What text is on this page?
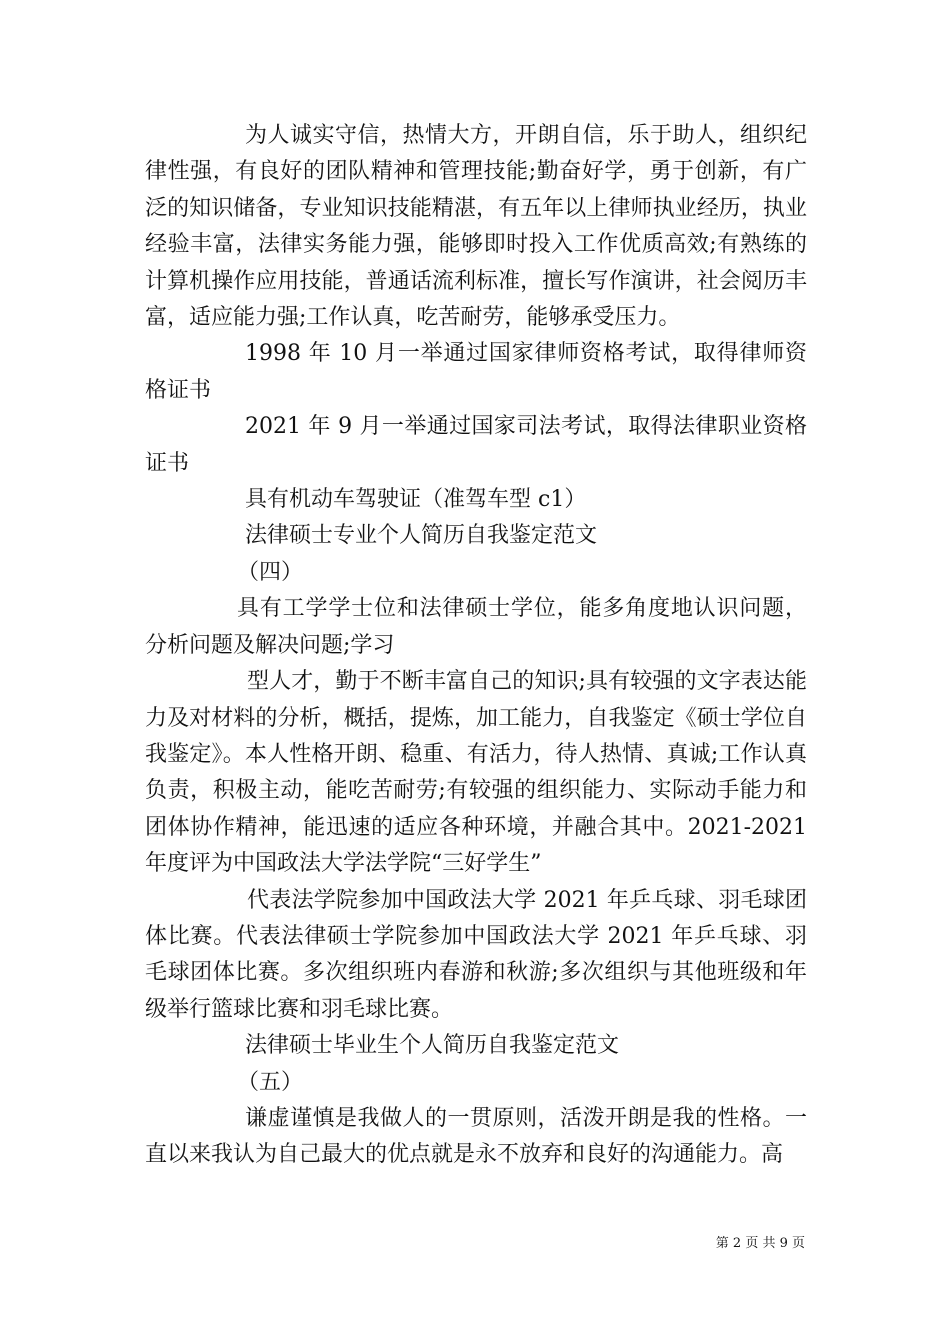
为人诚实守信，热情大方，开朗自信，乐于助人，组织纪律性强，有良好的团队精神和管理技能;勤奋好学，勇于创新，有广泛的知识储备，专业知识技能精湛，有五年以上律师执业经历，执业经验丰富，法律实务能力强，能够即时投入工作优质高效;有熟练的计算机操作应用技能，普通话流利标准，擅长写作演讲，社会阅历丰富，适应能力强;工作认真，吃苦耐劳，能够承受压力。

1998 年 10 月一举通过国家律师资格考试，取得律师资格证书

2021 年 9 月一举通过国家司法考试，取得法律职业资格证书

具有机动车驾驶证（准驾车型 c1）

法律硕士专业个人简历自我鉴定范文

（四）

具有工学学士位和法律硕士学位，能多角度地认识问题，分析问题及解决问题;学习

型人才，勤于不断丰富自己的知识;具有较强的文字表达能力及对材料的分析，概括，提炼，加工能力，自我鉴定《硕士学位自我鉴定》。本人性格开朗、稳重、有活力，待人热情、真诚;工作认真负责，积极主动，能吃苦耐劳;有较强的组织能力、实际动手能力和团体协作精神，能迅速的适应各种环境，并融合其中。2021-2021 年度评为中国政法大学法学院“三好学生”

代表法学院参加中国政法大学 2021 年乒乓球、羽毛球团体比赛。代表法律硕士学院参加中国政法大学 2021 年乒乓球、羽毛球团体比赛。多次组织班内春游和秋游;多次组织与其他班级和年级举行篮球比赛和羽毛球比赛。

法律硕士毕业生个人简历自我鉴定范文

（五）

谦虚谨慎是我做人的一贯原则，活泼开朗是我的性格。一直以来我认为自己最大的优点就是永不放弃和良好的沟通能力。高

第 2 页 共 9 页
